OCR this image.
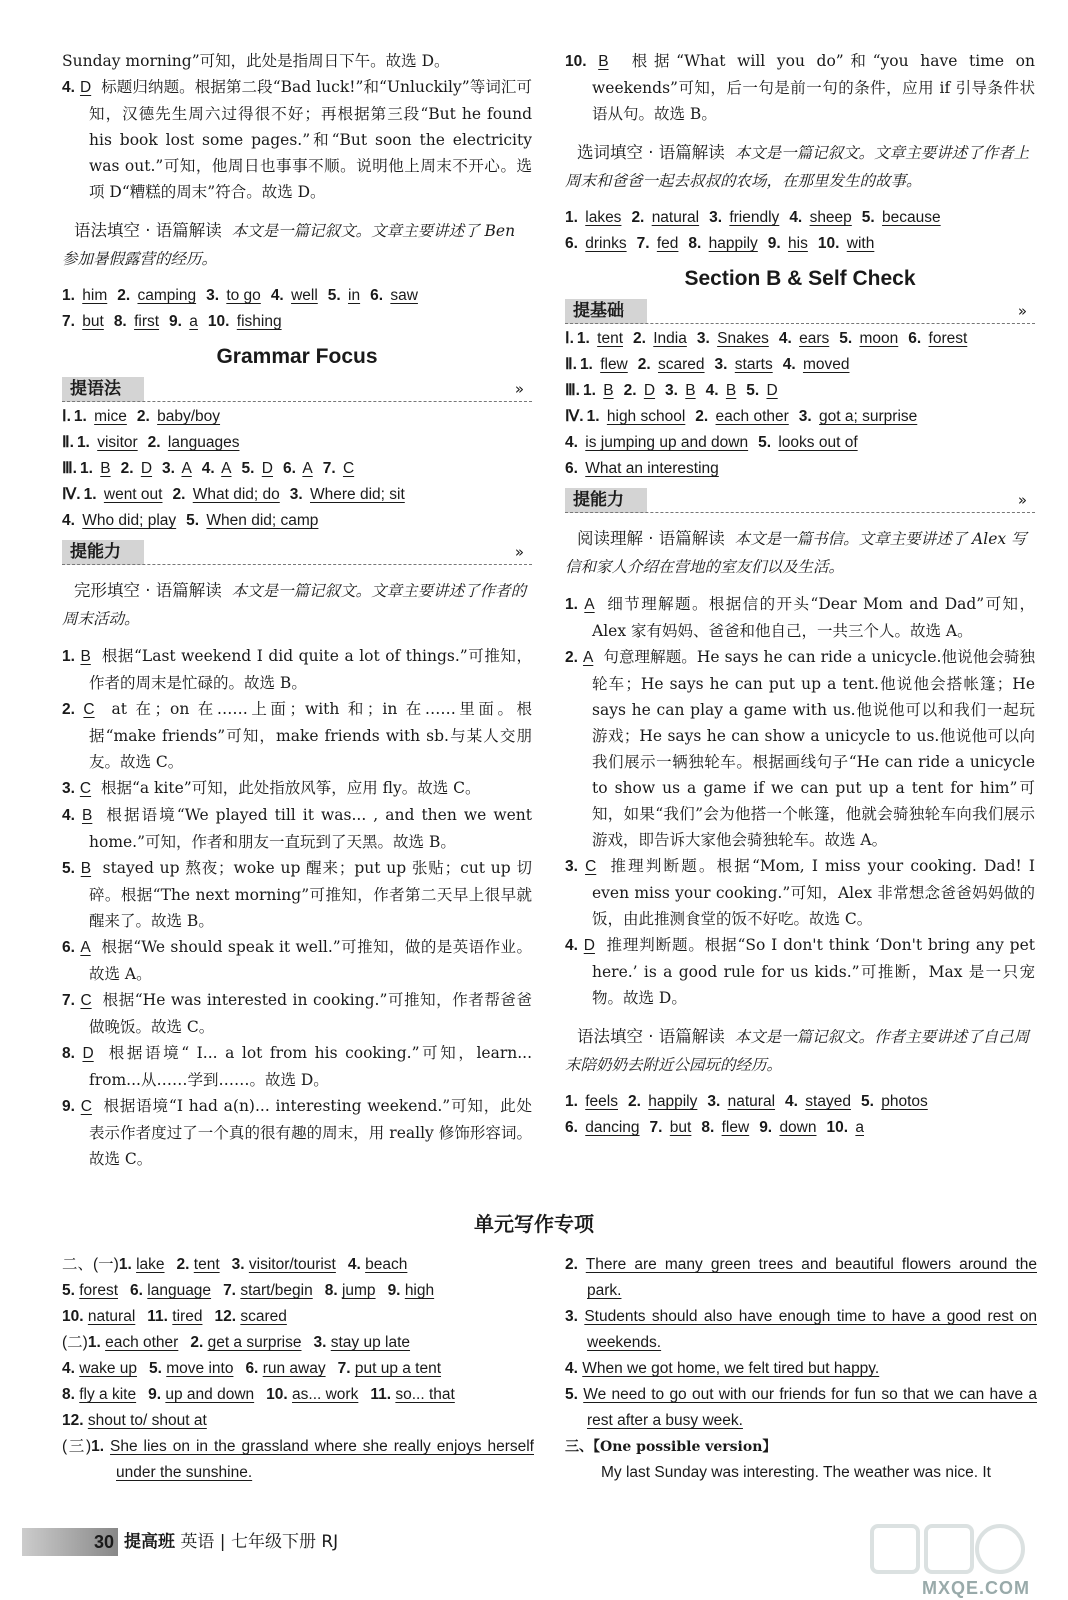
Sunday morning”可知，此处是指周日下午。故选 D。

4. D 标题归纳题。根据第二段“Bad luck!”和“Unluckily”等词汇可知，汉德先生周六过得很不好；再根据第三段“But he found his book lost some pages.”和“But soon the electricity was out.”可知，他周日也事事不顺。说明他上周末不开心。选项 D“糟糕的周末”符合。故选 D。

语法填空 · 语篇解读 本文是一篇记叙文。文章主要讲述了 Ben 参加暑假露营的经历。

1. him 2. camping 3. to go 4. well 5. in 6. saw
7. but 8. first 9. a 10. fishing
Grammar Focus
提语法	»
Ⅰ. 1. mice 2. baby/boy
Ⅱ. 1. visitor 2. languages
Ⅲ. 1. B 2. D 3. A 4. A 5. D 6. A 7. C
Ⅳ. 1. went out 2. What did; do 3. Where did; sit
4. Who did; play 5. When did; camp
提能力	»

完形填空 · 语篇解读 本文是一篇记叙文。文章主要讲述了作者的周末活动。

1. B 根据“Last weekend I did quite a lot of things.”可推知，作者的周末是忙碌的。故选 B。

2. C at 在；on 在……上面；with 和；in 在……里面。根据“make friends”可知，make friends with sb.与某人交朋友。故选 C。

3. C 根据“a kite”可知，此处指放风筝，应用 fly。故选 C。

4. B 根据语境“We played till it was... , and then we went home.”可知，作者和朋友一直玩到了天黑。故选 B。

5. B stayed up 熬夜；woke up 醒来；put up 张贴；cut up 切碎。根据“The next morning”可推知，作者第二天早上很早就醒来了。故选 B。

6. A 根据“We should speak it well.”可推知，做的是英语作业。故选 A。

7. C 根据“He was interested in cooking.”可推知，作者帮爸爸做晚饭。故选 C。

8. D 根据语境“ I... a lot from his cooking.”可知，learn... from...从……学到……。故选 D。

9. C 根据语境“I had a(n)... interesting weekend.”可知，此处表示作者度过了一个真的很有趣的周末，用 really 修饰形容词。故选 C。

10. B 根据“What will you do”和“you have time on weekends”可知，后一句是前一句的条件，应用 if 引导条件状语从句。故选 B。

选词填空 · 语篇解读 本文是一篇记叙文。文章主要讲述了作者上周末和爸爸一起去叔叔的农场，在那里发生的故事。

1. lakes 2. natural 3. friendly 4. sheep 5. because
6. drinks 7. fed 8. happily 9. his 10. with
Section B & Self Check
提基础	»
Ⅰ. 1. tent 2. India 3. Snakes 4. ears 5. moon 6. forest
Ⅱ. 1. flew 2. scared 3. starts 4. moved
Ⅲ. 1. B 2. D 3. B 4. B 5. D
Ⅳ. 1. high school 2. each other 3. got a; surprise
4. is jumping up and down 5. looks out of
6. What an interesting
提能力	»

阅读理解 · 语篇解读 本文是一篇书信。文章主要讲述了 Alex 写信和家人介绍在营地的室友们以及生活。

1. A 细节理解题。根据信的开头“Dear Mom and Dad”可知，Alex 家有妈妈、爸爸和他自己，一共三个人。故选 A。

2. A 句意理解题。He says he can ride a unicycle.他说他会骑独轮车；He says he can put up a tent.他说他会搭帐篷；He says he can play a game with us.他说他可以和我们一起玩游戏；He says he can show a unicycle to us.他说他可以向我们展示一辆独轮车。根据画线句子“He can ride a unicycle to show us a game if we can put up a tent for him”可知，如果“我们”会为他搭一个帐篷，他就会骑独轮车向我们展示游戏，即告诉大家他会骑独轮车。故选 A。

3. C 推理判断题。根据“Mom, I miss your cooking. Dad! I even miss your cooking.”可知，Alex 非常想念爸爸妈妈做的饭，由此推测食堂的饭不好吃。故选 C。

4. D 推理判断题。根据“So I don't think ‘Don't bring any pet here.’ is a good rule for us kids.”可推断，Max 是一只宠物。故选 D。

语法填空 · 语篇解读 本文是一篇记叙文。作者主要讲述了自己周末陪奶奶去附近公园玩的经历。

1. feels 2. happily 3. natural 4. stayed 5. photos
6. dancing 7. but 8. flew 9. down 10. a
单元写作专项
二、(一)1. lake 2. tent 3. visitor/tourist 4. beach
5. forest 6. language 7. start/begin 8. jump 9. high
10. natural 11. tired 12. scared
(二)1. each other 2. get a surprise 3. stay up late
4. wake up 5. move into 6. run away 7. put up a tent
8. fly a kite 9. up and down 10. as... work 11. so... that
12. shout to/ shout at

(三)1. She lies on in the grassland where she really enjoys herself under the sunshine.

2. There are many green trees and beautiful flowers around the park.

3. Students should also have enough time to have a good rest on weekends.

4. When we got home, we felt tired but happy.

5. We need to go out with our friends for fun so that we can have a rest after a busy week.

三、【One possible version】

My last Sunday was interesting. The weather was nice. It

30 提高班 英语 | 七年级下册 RJ
MXQE.COM
